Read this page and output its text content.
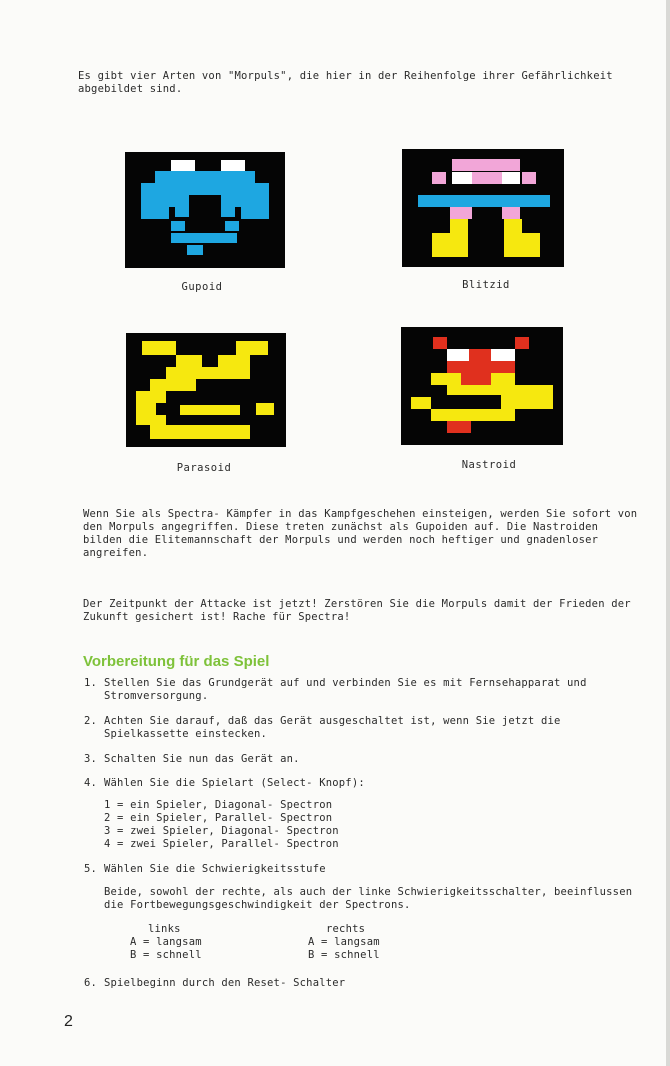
Es gibt vier Arten von "Morpuls", die hier in der Reihenfolge ihrer Gefährlichkeit abgebildet sind.
Gupoid	Blitzid
Parasoid	Nastroid
Wenn Sie als Spectra- Kämpfer in das Kampfgeschehen einsteigen, werden Sie sofort von den Morpuls angegriffen. Diese treten zunächst als Gupoiden auf. Die Nastroiden bilden die Elitemannschaft der Morpuls und werden noch heftiger und gnadenloser angreifen.
Der Zeitpunkt der Attacke ist jetzt! Zerstören Sie die Morpuls damit der Frieden der Zukunft gesichert ist! Rache für Spectra!
Vorbereitung für das Spiel
1. Stellen Sie das Grundgerät auf und verbinden Sie es mit Fernsehapparat und Stromversorgung.
2. Achten Sie darauf, daß das Gerät ausgeschaltet ist, wenn Sie jetzt die Spielkassette einstecken.
3. Schalten Sie nun das Gerät an.
4. Wählen Sie die Spielart (Select- Knopf):
1 = ein Spieler, Diagonal- Spectron
2 = ein Spieler, Parallel- Spectron
3 = zwei Spieler, Diagonal- Spectron
4 = zwei Spieler, Parallel- Spectron
5. Wählen Sie die Schwierigkeitsstufe
Beide, sowohl der rechte, als auch der linke Schwierigkeitsschalter, beeinflussen die Fortbewegungsgeschwindigkeit der Spectrons.
links
A = langsam
B = schnell
rechts
A = langsam
B = schnell
6. Spielbeginn durch den Reset- Schalter
2
